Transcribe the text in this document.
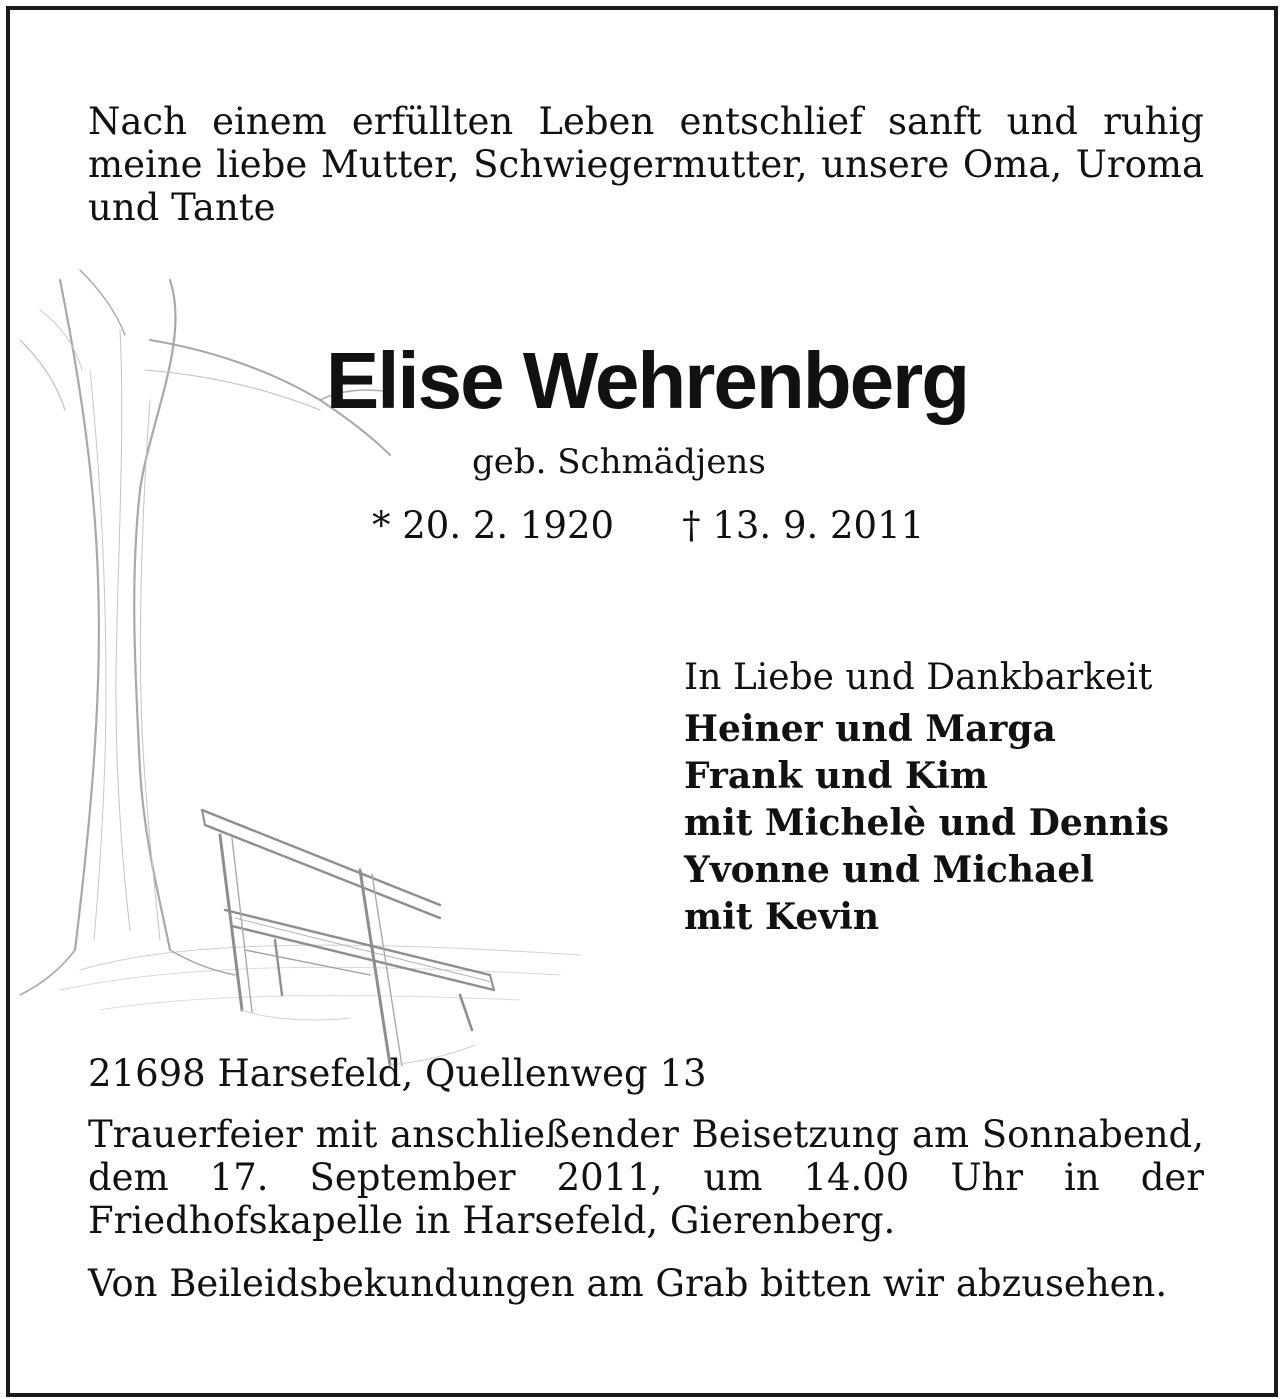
Nach einem erfüllten Leben entschlief sanft und ruhig meine liebe Mutter, Schwiegermutter, unsere Oma, Uroma und Tante

Elise Wehrenberg

geb. Schmädjens

* 20. 2. 1920 † 13. 9. 2011

In Liebe und Dankbarkeit

Heiner und Marga

Frank und Kim

mit Michelè und Dennis

Yvonne und Michael

mit Kevin

21698 Harsefeld, Quellenweg 13

Trauerfeier mit anschließender Beisetzung am Sonnabend, dem 17. September 2011, um 14.00 Uhr in der Friedhofskapelle in Harsefeld, Gierenberg.

Von Beileidsbekundungen am Grab bitten wir abzusehen.
